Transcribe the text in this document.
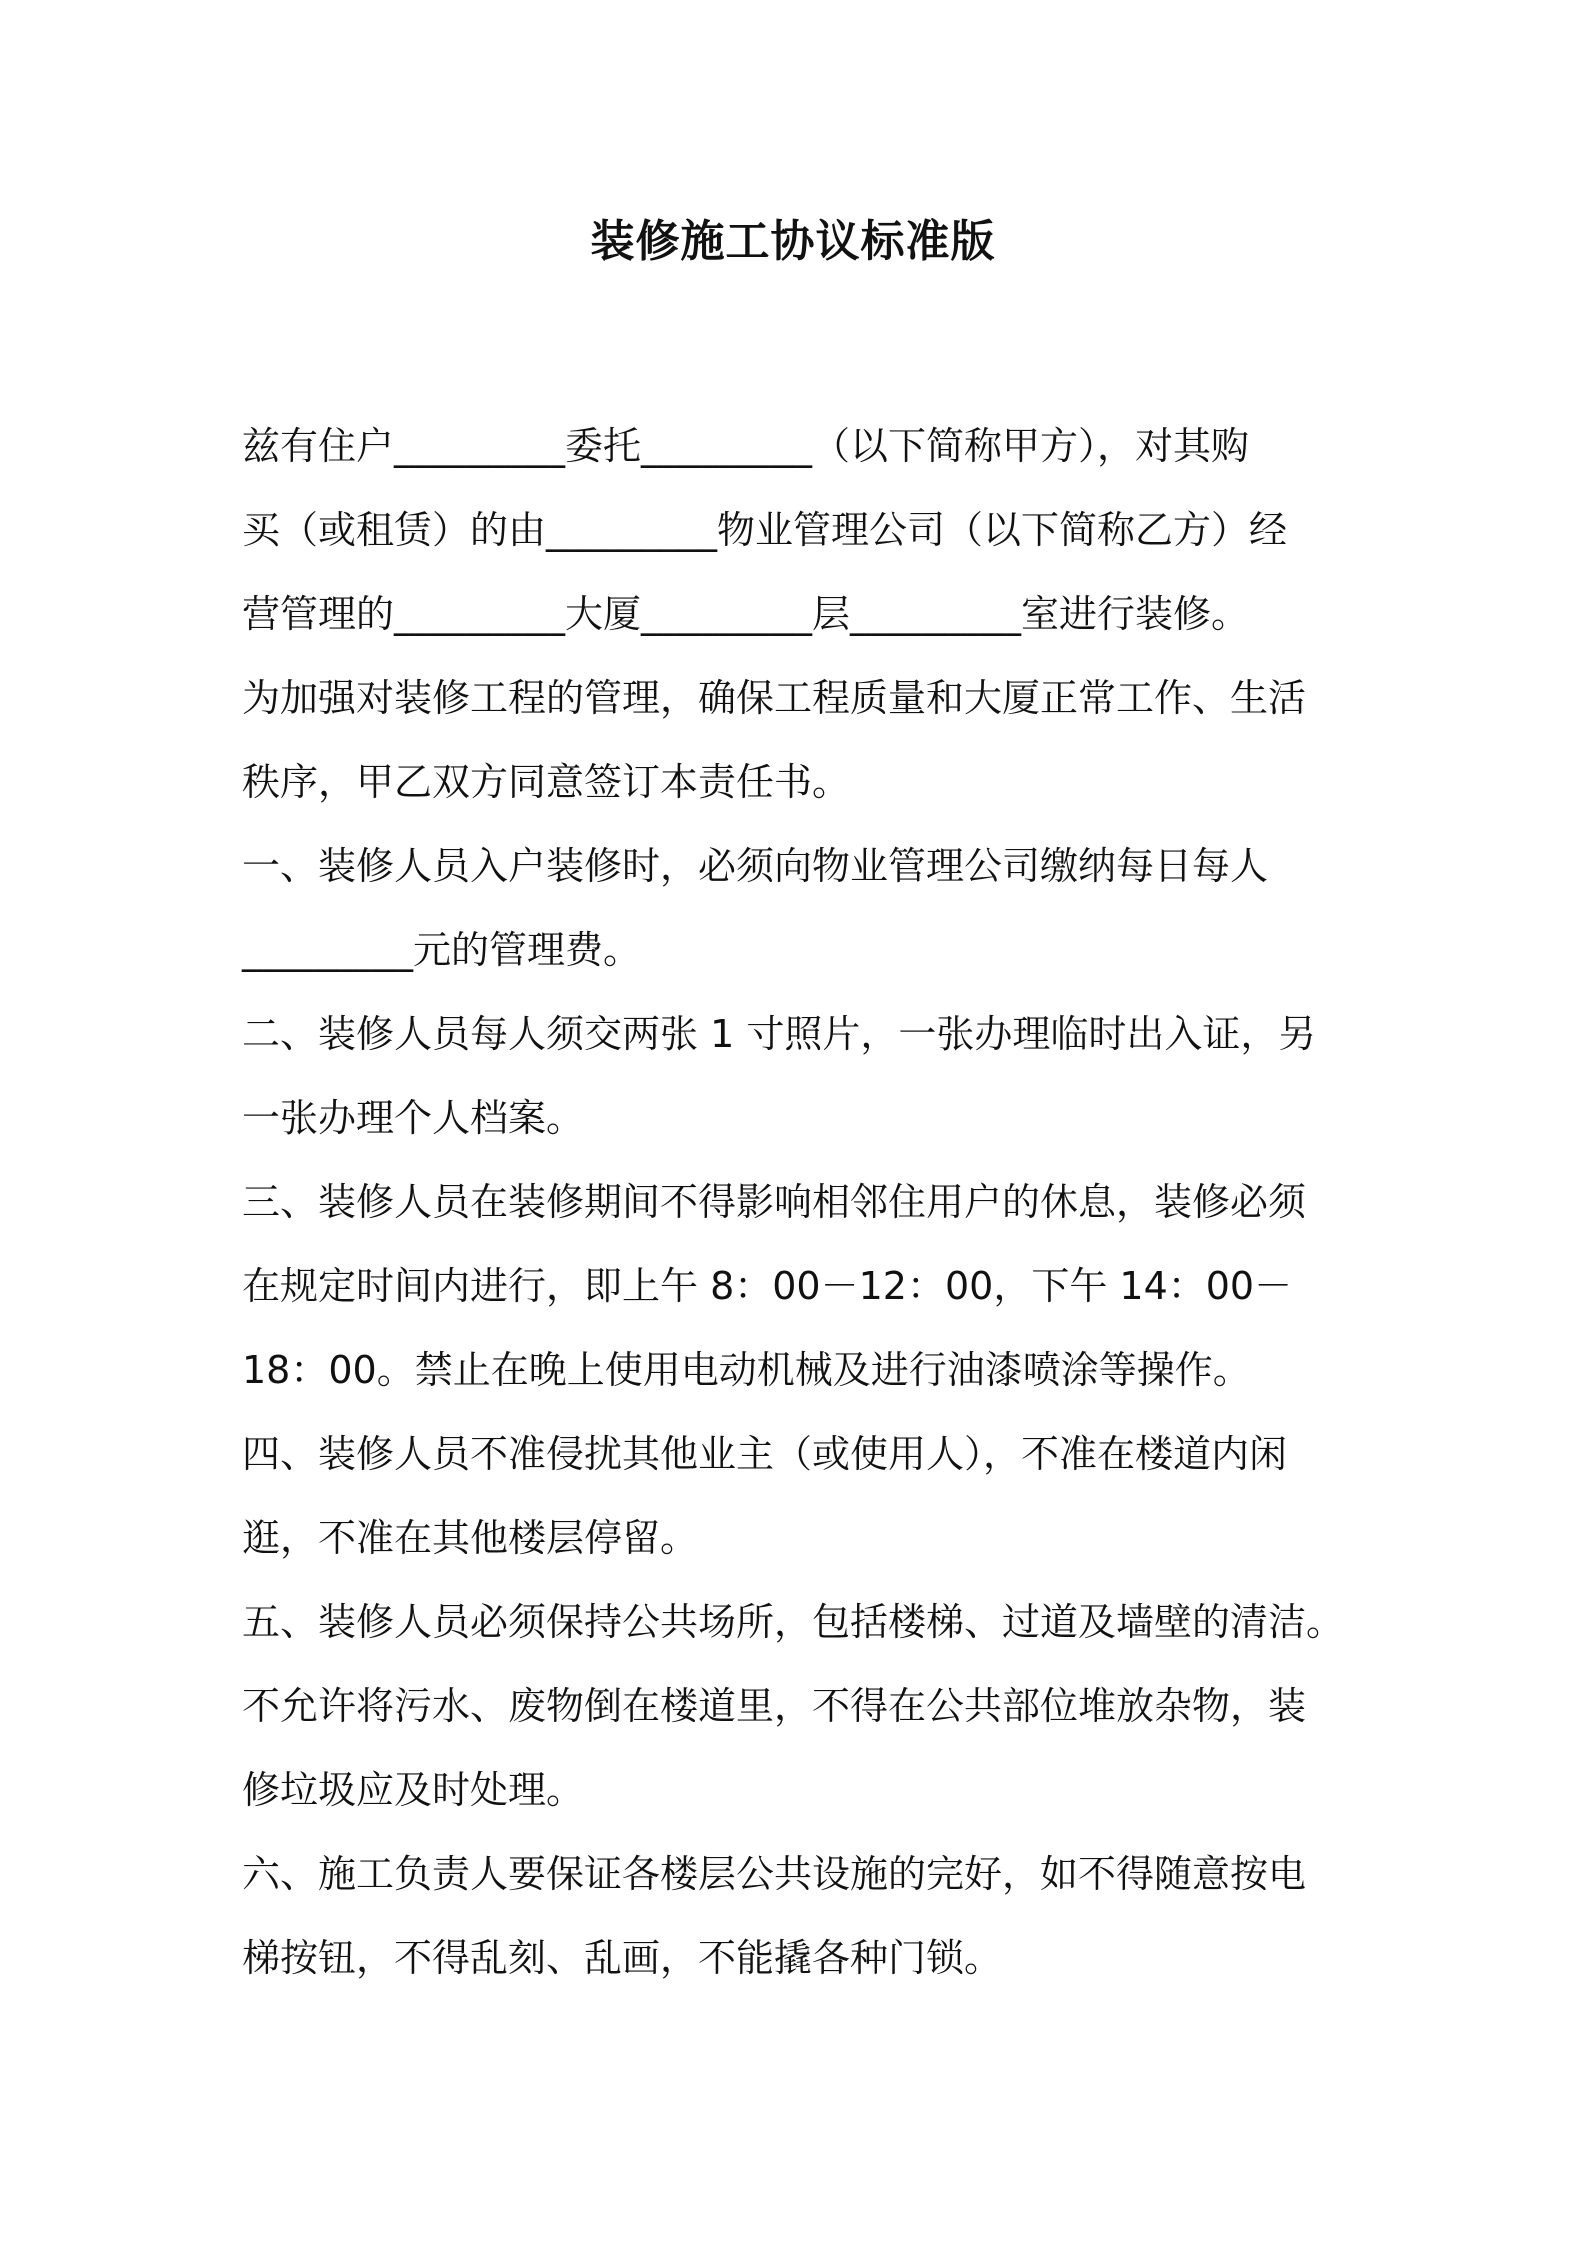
装修施工协议标准版
兹有住户_________委托_________（以下简称甲方），对其购
买（或租赁）的由_________物业管理公司（以下简称乙方）经
营管理的_________大厦_________层_________室进行装修。
为加强对装修工程的管理，确保工程质量和大厦正常工作、生活
秩序，甲乙双方同意签订本责任书。
一、装修人员入户装修时，必须向物业管理公司缴纳每日每人
_________元的管理费。
二、装修人员每人须交两张 1 寸照片，一张办理临时出入证，另
一张办理个人档案。
三、装修人员在装修期间不得影响相邻住用户的休息，装修必须
在规定时间内进行，即上午 8：00－12：00，下午 14：00－
18：00。禁止在晚上使用电动机械及进行油漆喷涂等操作。
四、装修人员不准侵扰其他业主（或使用人），不准在楼道内闲
逛，不准在其他楼层停留。
五、装修人员必须保持公共场所，包括楼梯、过道及墙壁的清洁。
不允许将污水、废物倒在楼道里，不得在公共部位堆放杂物，装
修垃圾应及时处理。
六、施工负责人要保证各楼层公共设施的完好，如不得随意按电
梯按钮，不得乱刻、乱画，不能撬各种门锁。
